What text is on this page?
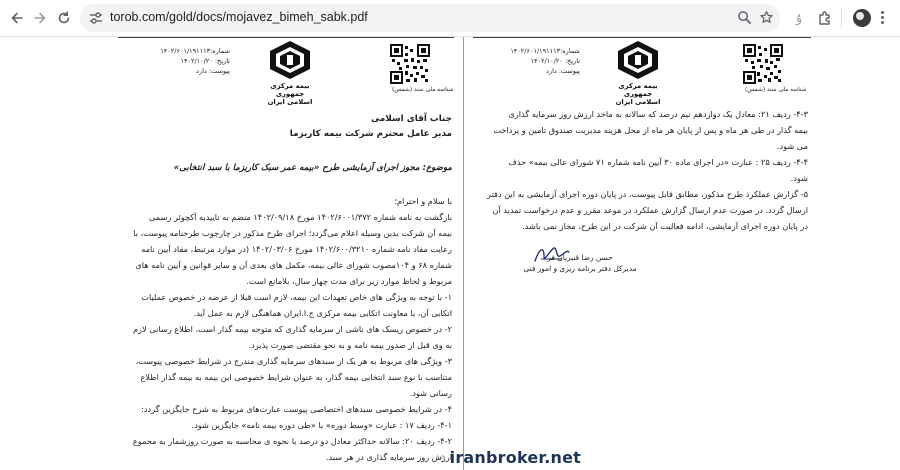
torob.com/gold/docs/mojavez_bimeh_sabk.pdf	ۇ
شناسه ملی سند (شمس)
بیمه مرکزی
جمهوری اسلامی ایران
شماره:۱۴۰۲/۶۰۱/۱۹۱۱۱۳
تاریخ: ۱۴۰۲/۱۰/۲۰
پیوست: دارد
جناب آقای اسلامی
مدیر عامل محترم شرکت بیمه کاریزما
موضوع: مجوز اجرای آزمایشی طرح «بیمه عمر سبک کاریزما با سبد انتخابی»
با سلام و احترام؛
بازگشت به نامه شماره ۱۴۰۲/۶۰۰۱/۳۷۲ مورخ ۱۴۰۲/۰۹/۱۸ منضم به تاییدیه آکچوئر رسمی
بیمه آن شرکت بدین وسیله اعلام می‌گردد؛ اجرای طرح مذکور در چارچوب طرحنامه پیوست، با
رعایت مفاد نامه شماره ۱۴۰۲/۶۰۰/۳۲۱۰ مورخ ۱۴۰۲/۰۳/۰۶ (در موارد مرتبط، مفاد آیین نامه
شماره ۶۸ و ۱۰۴مصوب شورای عالی بیمه، مکمل های بعدی آن و سایر قوانین و آیین نامه های
مربوط و لحاظ موارد زیر برای مدت چهار سال، بلامانع است.
۱- با توجه به ویژگی های خاص تعهدات این بیمه، لازم است قبلا از عرضه در خصوص عملیات
اتکایی آن، با معاونت اتکایی بیمه مرکزی ج.ا.ایران هماهنگی لازم به عمل آید.
۲- در خصوص ریسک های ناشی از سرمایه گذاری که متوجه بیمه گذار است، اطلاع رسانی لازم
به وی قبل از صدور بیمه نامه و به نحو مقتضی صورت پذیرد.
۳- ویژگی های مربوط به هر یک از سبدهای سرمایه گذاری مندرج در شرایط خصوصی پیوست،
متناسب با نوع سبد انتخابی بیمه گذار، به عنوان شرایط خصوصی این بیمه به بیمه گذار اطلاع
رسانی شود.
۴- در شرایط خصوصی سبدهای اختصاصی پیوست عبارت‌های مربوط به شرح جایگزین گردد:
۴-۱- ردیف ۱۷ : عبارت «وسط دوره» با «طی دوره بیمه نامه» جایگزین شود.
۴-۲- ردیف ۲۰: سالانه حداکثر معادل دو درصد با نحوه ی محاسبه به صورت روزشمار به مجموع
ارزش روز سرمایه گذاری در هر سبد.
شناسه ملی سند (شمس)
بیمه مرکزی
جمهوری اسلامی ایران
شماره:۱۴۰۲/۶۰۱/۱۹۱۱۱۳
تاریخ: ۱۴۰۲/۱۰/۲۰
پیوست: دارد
۴-۳- ردیف ۲۱: معادل یک دوازدهم نیم درصد که سالانه به ماخذ ارزش روز سرمایه گذاری
بیمه گذار در طی هر ماه و پس از پایان هر ماه از محل هزینه مدیریت صندوق تامین و پرداخت
می شود.
۴-۴- ردیف ۲۵ : عبارت «در اجرای ماده ۳۰ آیین نامه شماره ۷۱ شورای عالی بیمه» حذف
شود.
۵- گزارش عملکرد طرح مذکور، مطابق فایل پیوست، در پایان دوره اجرای آزمایشی به این دفتر
ارسال گردد. در صورت عدم ارسال گزارش عملکرد در موعد مقرر و عدم درخواست تمدید آن
در پایان دوره اجرای آزمایشی، ادامه فعالیت آن شرکت در این طرح، مجاز نمی باشد.
حسن رضا قنبریان فر
مدیرکل دفتر برنامه ریزی و امور فنی
iranbroker.net
